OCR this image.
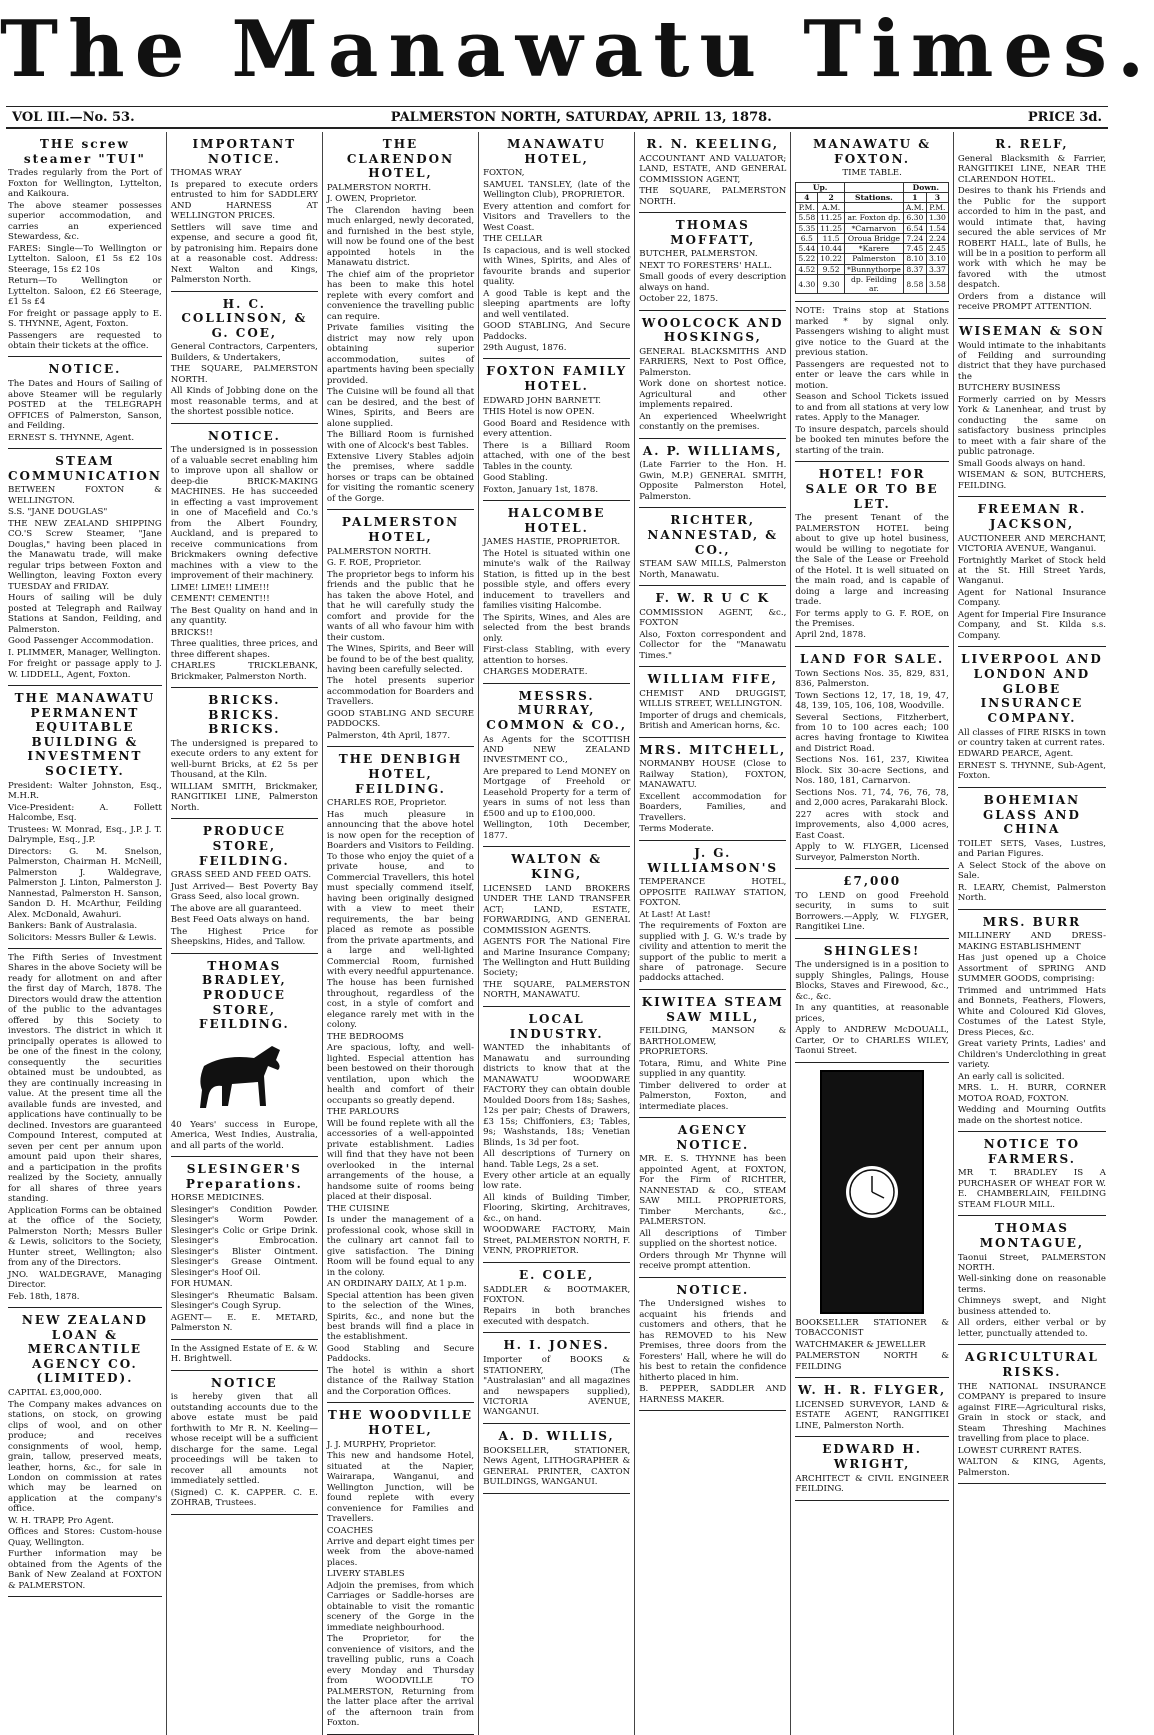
The Manawatu Times.
VOL III.—No. 53.	PALMERSTON NORTH, SATURDAY, APRIL 13, 1878.	PRICE 3d.
THE screw steamer "TUI"
Trades regularly from the Port of Foxton for Wellington, Lyttelton, and Kaikoura.
The above steamer possesses superior accommodation, and carries an experienced Stewardess, &c.
FARES: Single—To Wellington or Lyttelton. Saloon, £1 5s £2 10s Steerage, 15s £2 10s
Return—To Wellington or Lyttelton. Saloon, £2 £6 Steerage, £1 5s £4
For freight or passage apply to E. S. THYNNE, Agent, Foxton.
Passengers are requested to obtain their tickets at the office.
NOTICE.
The Dates and Hours of Sailing of above Steamer will be regularly POSTED at the TELEGRAPH OFFICES of Palmerston, Sanson, and Feilding.
ERNEST S. THYNNE, Agent.
STEAM COMMUNICATION
BETWEEN FOXTON & WELLINGTON.
S.S. "JANE DOUGLAS"
THE NEW ZEALAND SHIPPING CO.'S Screw Steamer, "Jane Douglas," having been placed in the Manawatu trade, will make regular trips between Foxton and Wellington, leaving Foxton every TUESDAY and FRIDAY.
Hours of sailing will be duly posted at Telegraph and Railway Stations at Sandon, Feilding, and Palmerston.
Good Passenger Accommodation.
I. PLIMMER, Manager, Wellington.
For freight or passage apply to J. W. LIDDELL, Agent, Foxton.
THE MANAWATU PERMANENT EQUITABLE BUILDING & INVESTMENT SOCIETY.
President: Walter Johnston, Esq., M.H.R.
Vice-President: A. Follett Halcombe, Esq.
Trustees: W. Monrad, Esq., J.P. J. T. Dalrymple, Esq., J.P.
Directors: G. M. Snelson, Palmerston, Chairman H. McNeill, Palmerston J. Waldegrave, Palmerston J. Linton, Palmerston J. Nannestad, Palmerston H. Sanson, Sandon D. H. McArthur, Feilding Alex. McDonald, Awahuri.
Bankers: Bank of Australasia.
Solicitors: Messrs Buller & Lewis.
The Fifth Series of Investment Shares in the above Society will be ready for allotment on and after the first day of March, 1878. The Directors would draw the attention of the public to the advantages offered by this Society to investors. The district in which it principally operates is allowed to be one of the finest in the colony, consequently the securities obtained must be undoubted, as they are continually increasing in value. At the present time all the available funds are invested, and applications have continually to be declined. Investors are guaranteed Compound Interest, computed at seven per cent per annum upon amount paid upon their shares, and a participation in the profits realized by the Society, annually for all shares of three years standing.
Application Forms can be obtained at the office of the Society, Palmerston North; Messrs Buller & Lewis, solicitors to the Society, Hunter street, Wellington; also from any of the Directors.
JNO. WALDEGRAVE, Managing Director.
Feb. 18th, 1878.
NEW ZEALAND LOAN & MERCANTILE AGENCY CO. (LIMITED).
CAPITAL £3,000,000.
The Company makes advances on stations, on stock, on growing clips of wool, and on other produce; and receives consignments of wool, hemp, grain, tallow, preserved meats, leather, horns, &c., for sale in London on commission at rates which may be learned on application at the company's office.
W. H. TRAPP, Pro Agent.
Offices and Stores: Custom-house Quay, Wellington.
Further information may be obtained from the Agents of the Bank of New Zealand at FOXTON & PALMERSTON.
IMPORTANT NOTICE.
THOMAS WRAY
Is prepared to execute orders entrusted to him for SADDLERY AND HARNESS AT WELLINGTON PRICES.
Settlers will save time and expense, and secure a good fit, by patronising him. Repairs done at a reasonable cost. Address: Next Walton and Kings, Palmerston North.
H. C. COLLINSON, & G. COE,
General Contractors, Carpenters, Builders, & Undertakers,
THE SQUARE, PALMERSTON NORTH.
All Kinds of Jobbing done on the most reasonable terms, and at the shortest possible notice.
NOTICE.
The undersigned is in possession of a valuable secret enabling him to improve upon all shallow or deep-die BRICK-MAKING MACHINES. He has succeeded in effecting a vast improvement in one of Macefield and Co.'s from the Albert Foundry, Auckland, and is prepared to receive communications from Brickmakers owning defective machines with a view to the improvement of their machinery.
LIME! LIME!! LIME!!!
CEMENT! CEMENT!!!
The Best Quality on hand and in any quantity.
BRICKS!!
Three qualities, three prices, and three different shapes.
CHARLES TRICKLEBANK, Brickmaker, Palmerston North.
BRICKS. BRICKS. BRICKS.
The undersigned is prepared to execute orders to any extent for well-burnt Bricks, at £2 5s per Thousand, at the Kiln.
WILLIAM SMITH, Brickmaker, RANGITIKEI LINE, Palmerston North.
PRODUCE STORE, FEILDING.
GRASS SEED AND FEED OATS.
Just Arrived— Best Poverty Bay Grass Seed, also local grown.
The above are all guaranteed.
Best Feed Oats always on hand.
The Highest Price for Sheepskins, Hides, and Tallow.
THOMAS BRADLEY, PRODUCE STORE, FEILDING.
40 Years' success in Europe, America, West Indies, Australia, and all parts of the world.
SLESINGER'S Preparations.
HORSE MEDICINES.
Slesinger's Condition Powder. Slesinger's Worm Powder. Slesinger's Colic or Gripe Drink. Slesinger's Embrocation. Slesinger's Blister Ointment. Slesinger's Grease Ointment. Slesinger's Hoof Oil.
FOR HUMAN.
Slesinger's Rheumatic Balsam. Slesinger's Cough Syrup.
AGENT— E. E. METARD, Palmerston N.
In the Assigned Estate of E. & W. H. Brightwell.
NOTICE
is hereby given that all outstanding accounts due to the above estate must be paid forthwith to Mr R. N. Keeling—whose receipt will be a sufficient discharge for the same. Legal proceedings will be taken to recover all amounts not immediately settled.
(Signed) C. K. CAPPER. C. E. ZOHRAB, Trustees.
THE CLARENDON HOTEL,
PALMERSTON NORTH.
J. OWEN, Proprietor.
The Clarendon having been much enlarged, newly decorated, and furnished in the best style, will now be found one of the best appointed hotels in the Manawatu district.
The chief aim of the proprietor has been to make this hotel replete with every comfort and convenience the travelling public can require.
Private families visiting the district may now rely upon obtaining superior accommodation, suites of apartments having been specially provided.
The Cuisine will be found all that can be desired, and the best of Wines, Spirits, and Beers are alone supplied.
The Billiard Room is furnished with one of Alcock's best Tables.
Extensive Livery Stables adjoin the premises, where saddle horses or traps can be obtained for visiting the romantic scenery of the Gorge.
PALMERSTON HOTEL,
PALMERSTON NORTH.
G. F. ROE, Proprietor.
The proprietor begs to inform his friends and the public that he has taken the above Hotel, and that he will carefully study the comfort and provide for the wants of all who favour him with their custom.
The Wines, Spirits, and Beer will be found to be of the best quality, having been carefully selected.
The hotel presents superior accommodation for Boarders and Travellers.
GOOD STABLING AND SECURE PADDOCKS.
Palmerston, 4th April, 1877.
THE DENBIGH HOTEL, FEILDING.
CHARLES ROE, Proprietor.
Has much pleasure in announcing that the above hotel is now open for the reception of Boarders and Visitors to Feilding. To those who enjoy the quiet of a private house, and to Commercial Travellers, this hotel must specially commend itself, having been originally designed with a view to meet their requirements, the bar being placed as remote as possible from the private apartments, and a large and well-lighted Commercial Room, furnished with every needful appurtenance.
The house has been furnished throughout, regardless of the cost, in a style of comfort and elegance rarely met with in the colony.
THE BEDROOMS
Are spacious, lofty, and well-lighted. Especial attention has been bestowed on their thorough ventilation, upon which the health and comfort of their occupants so greatly depend.
THE PARLOURS
Will be found replete with all the accessories of a well-appointed private establishment. Ladies will find that they have not been overlooked in the internal arrangements of the house, a handsome suite of rooms being placed at their disposal.
THE CUISINE
Is under the management of a professional cook, whose skill in the culinary art cannot fail to give satisfaction. The Dining Room will be found equal to any in the colony.
AN ORDINARY DAILY, At 1 p.m.
Special attention has been given to the selection of the Wines, Spirits, &c., and none but the best brands will find a place in the establishment.
Good Stabling and Secure Paddocks.
The hotel is within a short distance of the Railway Station and the Corporation Offices.
THE WOODVILLE HOTEL,
J. J. MURPHY, Proprietor.
This new and handsome Hotel, situated at the Napier, Wairarapa, Wanganui, and Wellington Junction, will be found replete with every convenience for Families and Travellers.
COACHES
Arrive and depart eight times per week from the above-named places.
LIVERY STABLES
Adjoin the premises, from which Carriages or Saddle-horses are obtainable to visit the romantic scenery of the Gorge in the immediate neighbourhood.
The Proprietor, for the convenience of visitors, and the travelling public, runs a Coach every Monday and Thursday from WOODVILLE TO PALMERSTON, Returning from the latter place after the arrival of the afternoon train from Foxton.
MANAWATU HOTEL,
FOXTON,
SAMUEL TANSLEY, (late of the Wellington Club), PROPRIETOR.
Every attention and comfort for Visitors and Travellers to the West Coast.
THE CELLAR
Is capacious, and is well stocked with Wines, Spirits, and Ales of favourite brands and superior quality.
A good Table is kept and the sleeping apartments are lofty and well ventilated.
GOOD STABLING, And Secure Paddocks.
29th August, 1876.
FOXTON FAMILY HOTEL.
EDWARD JOHN BARNETT.
THIS Hotel is now OPEN.
Good Board and Residence with every attention.
There is a Billiard Room attached, with one of the best Tables in the county.
Good Stabling.
Foxton, January 1st, 1878.
HALCOMBE HOTEL.
JAMES HASTIE, PROPRIETOR.
The Hotel is situated within one minute's walk of the Railway Station, is fitted up in the best possible style, and offers every inducement to travellers and families visiting Halcombe.
The Spirits, Wines, and Ales are selected from the best brands only.
First-class Stabling, with every attention to horses.
CHARGES MODERATE.
MESSRS. MURRAY, COMMON & CO.,
As Agents for the SCOTTISH AND NEW ZEALAND INVESTMENT CO.,
Are prepared to Lend MONEY on Mortgage of Freehold or Leasehold Property for a term of years in sums of not less than £500 and up to £100,000.
Wellington, 10th December, 1877.
WALTON & KING,
LICENSED LAND BROKERS UNDER THE LAND TRANSFER ACT; LAND, ESTATE, FORWARDING, AND GENERAL COMMISSION AGENTS.
AGENTS FOR The National Fire and Marine Insurance Company; The Wellington and Hutt Building Society;
THE SQUARE, PALMERSTON NORTH, MANAWATU.
LOCAL INDUSTRY.
WANTED the inhabitants of Manawatu and surrounding districts to know that at the MANAWATU WOODWARE FACTORY they can obtain double Moulded Doors from 18s; Sashes, 12s per pair; Chests of Drawers, £3 15s; Chiffoniers, £3; Tables, 9s; Washstands, 18s; Venetian Blinds, 1s 3d per foot.
All descriptions of Turnery on hand. Table Legs, 2s a set.
Every other article at an equally low rate.
All kinds of Building Timber, Flooring, Skirting, Architraves, &c., on hand.
WOODWARE FACTORY, Main Street, PALMERSTON NORTH, F. VENN, PROPRIETOR.
E. COLE,
SADDLER & BOOTMAKER, FOXTON.
Repairs in both branches executed with despatch.
H. I. JONES.
Importer of BOOKS & STATIONERY, (The "Australasian" and all magazines and newspapers supplied), VICTORIA AVENUE, WANGANUI.
A. D. WILLIS,
BOOKSELLER, STATIONER, News Agent, LITHOGRAPHER & GENERAL PRINTER, CAXTON BUILDINGS, WANGANUI.
R. N. KEELING,
ACCOUNTANT AND VALUATOR; LAND, ESTATE, AND GENERAL COMMISSION AGENT,
THE SQUARE, PALMERSTON NORTH.
THOMAS MOFFATT,
BUTCHER, PALMERSTON.
NEXT TO FORESTERS' HALL.
Small goods of every description always on hand.
October 22, 1875.
WOOLCOCK AND HOSKINGS,
GENERAL BLACKSMITHS AND FARRIERS, Next to Post Office, Palmerston.
Work done on shortest notice. Agricultural and other implements repaired.
An experienced Wheelwright constantly on the premises.
A. P. WILLIAMS,
(Late Farrier to the Hon. H. Gwin, M.P.) GENERAL SMITH, Opposite Palmerston Hotel, Palmerston.
RICHTER, NANNESTAD, & CO.,
STEAM SAW MILLS, Palmerston North, Manawatu.
F. W. R U C K
COMMISSION AGENT, &c., FOXTON
Also, Foxton correspondent and Collector for the "Manawatu Times."
WILLIAM FIFE,
CHEMIST AND DRUGGIST, WILLIS STREET, WELLINGTON.
Importer of drugs and chemicals, British and American horns, &c.
MRS. MITCHELL,
NORMANBY HOUSE (Close to Railway Station), FOXTON, MANAWATU.
Excellent accommodation for Boarders, Families, and Travellers.
Terms Moderate.
J. G. WILLIAMSON'S
TEMPERANCE HOTEL, OPPOSITE RAILWAY STATION, FOXTON.
At Last! At Last!
The requirements of Foxton are supplied with J. G. W.'s trade by civility and attention to merit the support of the public to merit a share of patronage. Secure paddocks attached.
KIWITEA STEAM SAW MILL,
FEILDING, MANSON & BARTHOLOMEW, PROPRIETORS.
Totara, Rimu, and White Pine supplied in any quantity.
Timber delivered to order at Palmerston, Foxton, and intermediate places.
AGENCY NOTICE.
MR. E. S. THYNNE has been appointed Agent, at FOXTON, For the Firm of RICHTER, NANNESTAD & CO., STEAM SAW MILL PROPRIETORS, Timber Merchants, &c., PALMERSTON.
All descriptions of Timber supplied on the shortest notice.
Orders through Mr Thynne will receive prompt attention.
NOTICE.
The Undersigned wishes to acquaint his friends and customers and others, that he has REMOVED to his New Premises, three doors from the Foresters' Hall, where he will do his best to retain the confidence hitherto placed in him.
B. PEPPER, SADDLER AND HARNESS MAKER.
MANAWATU & FOXTON.
TIME TABLE.
Up.			Down.	
4	2	Stations.	1	3
P.M.	A.M.		A.M.	P.M.
5.58	11.25	ar. Foxton dp.	6.30	1.30
5.35	11.25	*Carnarvon	6.54	1.54
6.5	11.5	Oroua Bridge	7.24	2.24
5.44	10.44	*Karere	7.45	2.45
5.22	10.22	Palmerston	8.10	3.10
4.52	9.52	*Bunnythorpe	8.37	3.37
4.30	9.30	dp. Feilding ar.	8.58	3.58
NOTE: Trains stop at Stations marked * by signal only. Passengers wishing to alight must give notice to the Guard at the previous station.
Passengers are requested not to enter or leave the cars while in motion.
Season and School Tickets issued to and from all stations at very low rates. Apply to the Manager.
To insure despatch, parcels should be booked ten minutes before the starting of the train.
HOTEL! FOR SALE OR TO BE LET.
The present Tenant of the PALMERSTON HOTEL being about to give up hotel business, would be willing to negotiate for the Sale of the Lease or Freehold of the Hotel. It is well situated on the main road, and is capable of doing a large and increasing trade.
For terms apply to G. F. ROE, on the Premises.
April 2nd, 1878.
LAND FOR SALE.
Town Sections Nos. 35, 829, 831, 836, Palmerston.
Town Sections 12, 17, 18, 19, 47, 48, 139, 105, 106, 108, Woodville.
Several Sections, Fitzherbert, from 10 to 100 acres each; 100 acres having frontage to Kiwitea and District Road.
Sections Nos. 161, 237, Kiwitea Block. Six 30-acre Sections, and Nos. 180, 181, Carnarvon.
Sections Nos. 71, 74, 76, 76, 78, and 2,000 acres, Parakarahi Block.
227 acres with stock and improvements, also 4,000 acres, East Coast.
Apply to W. FLYGER, Licensed Surveyor, Palmerston North.
£7,000
TO LEND on good Freehold security, in sums to suit Borrowers.—Apply, W. FLYGER, Rangitikei Line.
SHINGLES!
The undersigned is in a position to supply Shingles, Palings, House Blocks, Staves and Firewood, &c., &c., &c.
In any quantities, at reasonable prices,
Apply to ANDREW McDOUALL, Carter, Or to CHARLES WILEY, Taonui Street.
BOOKSELLER STATIONER & TOBACCONIST
WATCHMAKER & JEWELLER
PALMERSTON NORTH & FEILDING
W. H. R. FLYGER,
LICENSED SURVEYOR, LAND & ESTATE AGENT, RANGITIKEI LINE, Palmerston North.
EDWARD H. WRIGHT,
ARCHITECT & CIVIL ENGINEER FEILDING.
R. RELF,
General Blacksmith & Farrier, RANGITIKEI LINE, NEAR THE CLARENDON HOTEL.
Desires to thank his Friends and the Public for the support accorded to him in the past, and would intimate that, having secured the able services of Mr ROBERT HALL, late of Bulls, he will be in a position to perform all work with which he may be favored with the utmost despatch.
Orders from a distance will receive PROMPT ATTENTION.
WISEMAN & SON
Would intimate to the inhabitants of Feilding and surrounding district that they have purchased the
BUTCHERY BUSINESS
Formerly carried on by Messrs York & Lanenhear, and trust by conducting the same on satisfactory business principles to meet with a fair share of the public patronage.
Small Goods always on hand.
WISEMAN & SON, BUTCHERS, FEILDING.
FREEMAN R. JACKSON,
AUCTIONEER AND MERCHANT, VICTORIA AVENUE, Wanganui.
Fortnightly Market of Stock held at the St. Hill Street Yards, Wanganui.
Agent for National Insurance Company.
Agent for Imperial Fire Insurance Company, and St. Kilda s.s. Company.
LIVERPOOL AND LONDON AND GLOBE INSURANCE COMPANY.
All classes of FIRE RISKS in town or country taken at current rates.
EDWARD PEARCE, Agent.
ERNEST S. THYNNE, Sub-Agent, Foxton.
BOHEMIAN GLASS AND CHINA
TOILET SETS, Vases, Lustres, and Parian Figures.
A Select Stock of the above on Sale.
R. LEARY, Chemist, Palmerston North.
MRS. BURR
MILLINERY AND DRESS-MAKING ESTABLISHMENT
Has just opened up a Choice Assortment of SPRING AND SUMMER GOODS, comprising:
Trimmed and untrimmed Hats and Bonnets, Feathers, Flowers, White and Coloured Kid Gloves, Costumes of the Latest Style, Dress Pieces, &c.
Great variety Prints, Ladies' and Children's Underclothing in great variety.
An early call is solicited.
MRS. L. H. BURR, CORNER MOTOA ROAD, FOXTON.
Wedding and Mourning Outfits made on the shortest notice.
NOTICE TO FARMERS.
MR T. BRADLEY IS A PURCHASER OF WHEAT FOR W. E. CHAMBERLAIN, FEILDING STEAM FLOUR MILL.
THOMAS MONTAGUE,
Taonui Street, PALMERSTON NORTH.
Well-sinking done on reasonable terms.
Chimneys swept, and Night business attended to.
All orders, either verbal or by letter, punctually attended to.
AGRICULTURAL RISKS.
THE NATIONAL INSURANCE COMPANY is prepared to insure against FIRE—Agricultural risks, Grain in stock or stack, and Steam Threshing Machines travelling from place to place.
LOWEST CURRENT RATES.
WALTON & KING, Agents, Palmerston.
